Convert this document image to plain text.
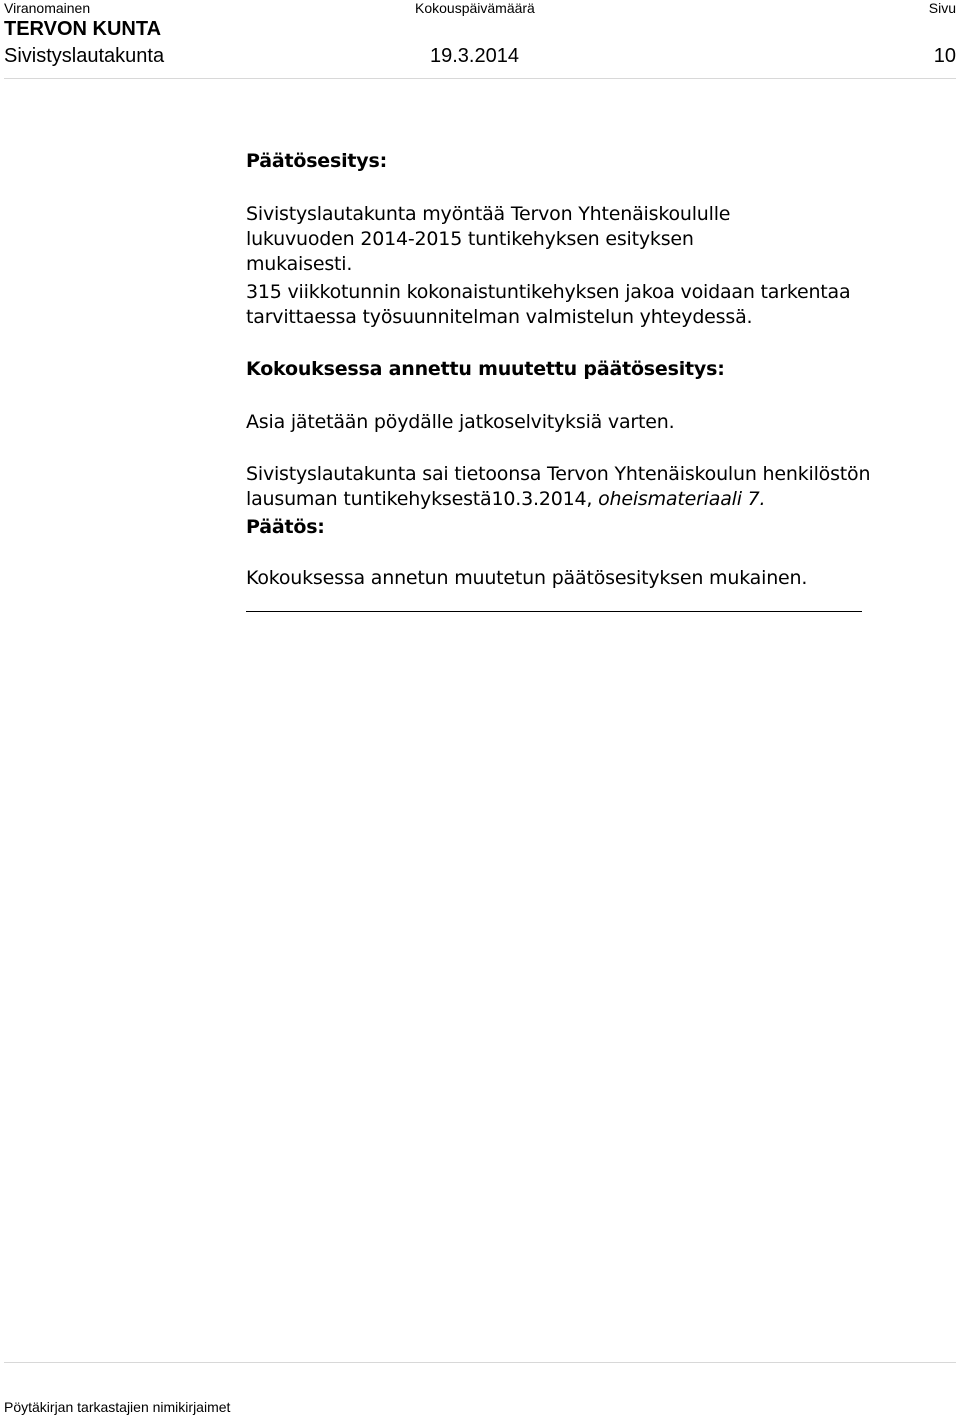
Viranomainen	Kokouspäivämäärä	Sivu
TERVON KUNTA
Sivistyslautakunta	19.3.2014	10

Päätösesitys:

Sivistyslautakunta myöntää Tervon Yhtenäiskoululle lukuvuoden 2014-2015 tuntikehyksen esityksen mukaisesti.

315 viikkotunnin kokonaistuntikehyksen jakoa voidaan tarkentaa tarvittaessa työsuunnitelman valmistelun yhteydessä.

Kokouksessa annettu muutettu päätösesitys:

Asia jätetään pöydälle jatkoselvityksiä varten.

Sivistyslautakunta sai tietoonsa Tervon Yhtenäiskoulun henkilöstön lausuman tuntikehyksestä10.3.2014, oheismateriaali 7.

Päätös:

Kokouksessa annetun muutetun päätösesityksen mukainen.

Pöytäkirjan tarkastajien nimikirjaimet
